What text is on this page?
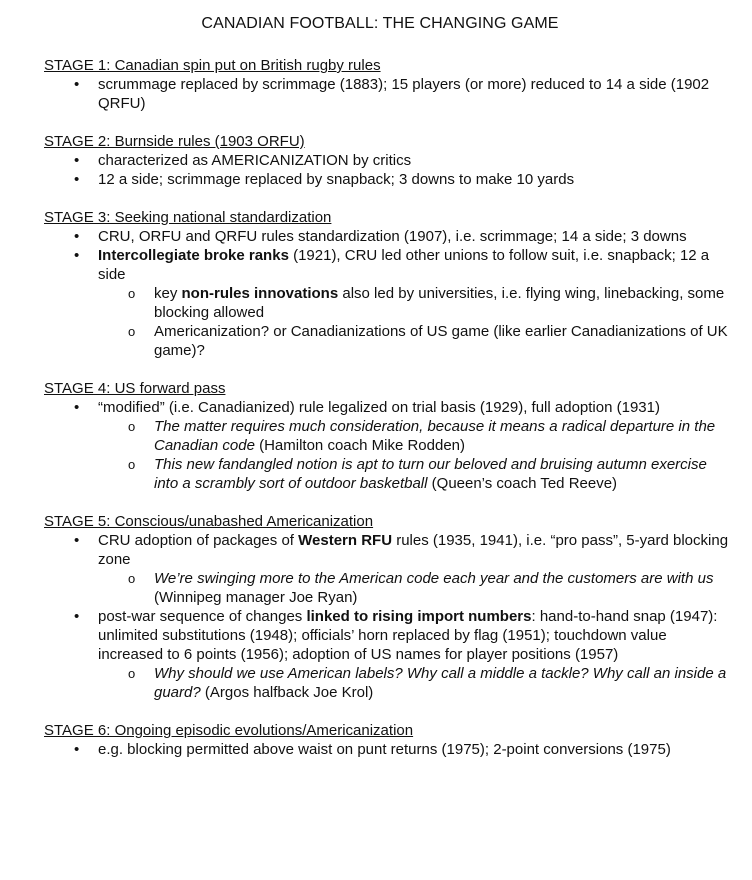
CANADIAN FOOTBALL: THE CHANGING GAME
STAGE 1: Canadian spin put on British rugby rules
• scrummage replaced by scrimmage (1883); 15 players (or more) reduced to 14 a side (1902 QRFU)
STAGE 2: Burnside rules (1903 ORFU)
• characterized as AMERICANIZATION by critics
• 12 a side; scrimmage replaced by snapback; 3 downs to make 10 yards
STAGE 3: Seeking national standardization
• CRU, ORFU and QRFU rules standardization (1907), i.e. scrimmage; 14 a side; 3 downs
• Intercollegiate broke ranks (1921), CRU led other unions to follow suit, i.e. snapback; 12 a side
o key non-rules innovations also led by universities, i.e. flying wing, linebacking, some blocking allowed
o Americanization? or Canadianizations of US game (like earlier Canadianizations of UK game)?
STAGE 4: US forward pass
• “modified” (i.e. Canadianized) rule legalized on trial basis (1929), full adoption (1931)
o The matter requires much consideration, because it means a radical departure in the Canadian code (Hamilton coach Mike Rodden)
o This new fandangled notion is apt to turn our beloved and bruising autumn exercise into a scrambly sort of outdoor basketball (Queen’s coach Ted Reeve)
STAGE 5: Conscious/unabashed Americanization
• CRU adoption of packages of Western RFU rules (1935, 1941), i.e. “pro pass”, 5-yard blocking zone
o We’re swinging more to the American code each year and the customers are with us (Winnipeg manager Joe Ryan)
• post-war sequence of changes linked to rising import numbers: hand-to-hand snap (1947): unlimited substitutions (1948); officials’ horn replaced by flag (1951); touchdown value increased to 6 points (1956); adoption of US names for player positions (1957)
o Why should we use American labels? Why call a middle a tackle? Why call an inside a guard? (Argos halfback Joe Krol)
STAGE 6: Ongoing episodic evolutions/Americanization
• e.g. blocking permitted above waist on punt returns (1975); 2-point conversions (1975)
